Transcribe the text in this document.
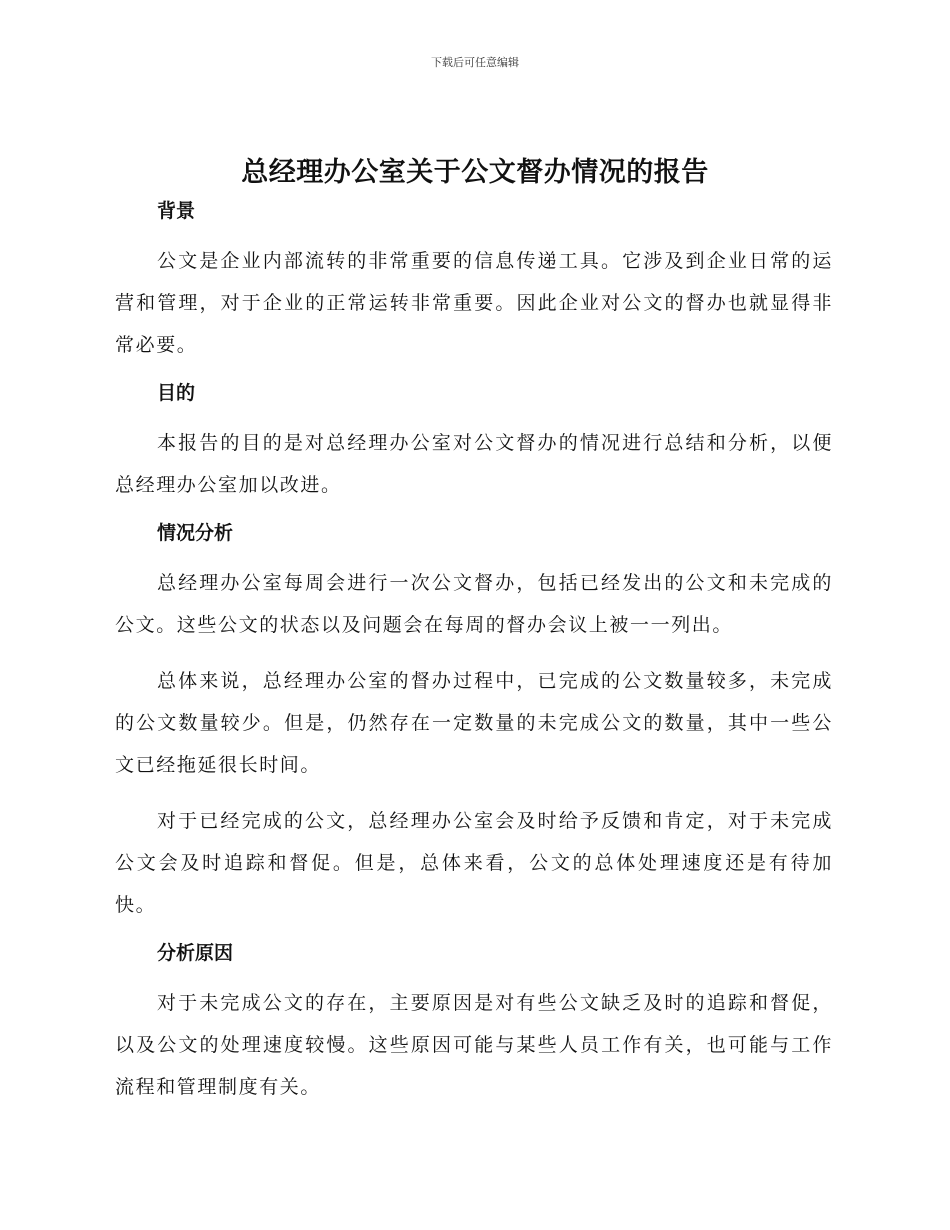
下载后可任意编辑
总经理办公室关于公文督办情况的报告
背景

公文是企业内部流转的非常重要的信息传递工具。它涉及到企业日常的运营和管理，对于企业的正常运转非常重要。因此企业对公文的督办也就显得非常必要。

目的

本报告的目的是对总经理办公室对公文督办的情况进行总结和分析，以便总经理办公室加以改进。

情况分析

总经理办公室每周会进行一次公文督办，包括已经发出的公文和未完成的公文。这些公文的状态以及问题会在每周的督办会议上被一一列出。

总体来说，总经理办公室的督办过程中，已完成的公文数量较多，未完成的公文数量较少。但是，仍然存在一定数量的未完成公文的数量，其中一些公文已经拖延很长时间。

对于已经完成的公文，总经理办公室会及时给予反馈和肯定，对于未完成公文会及时追踪和督促。但是，总体来看，公文的总体处理速度还是有待加快。

分析原因

对于未完成公文的存在，主要原因是对有些公文缺乏及时的追踪和督促，以及公文的处理速度较慢。这些原因可能与某些人员工作有关，也可能与工作流程和管理制度有关。
